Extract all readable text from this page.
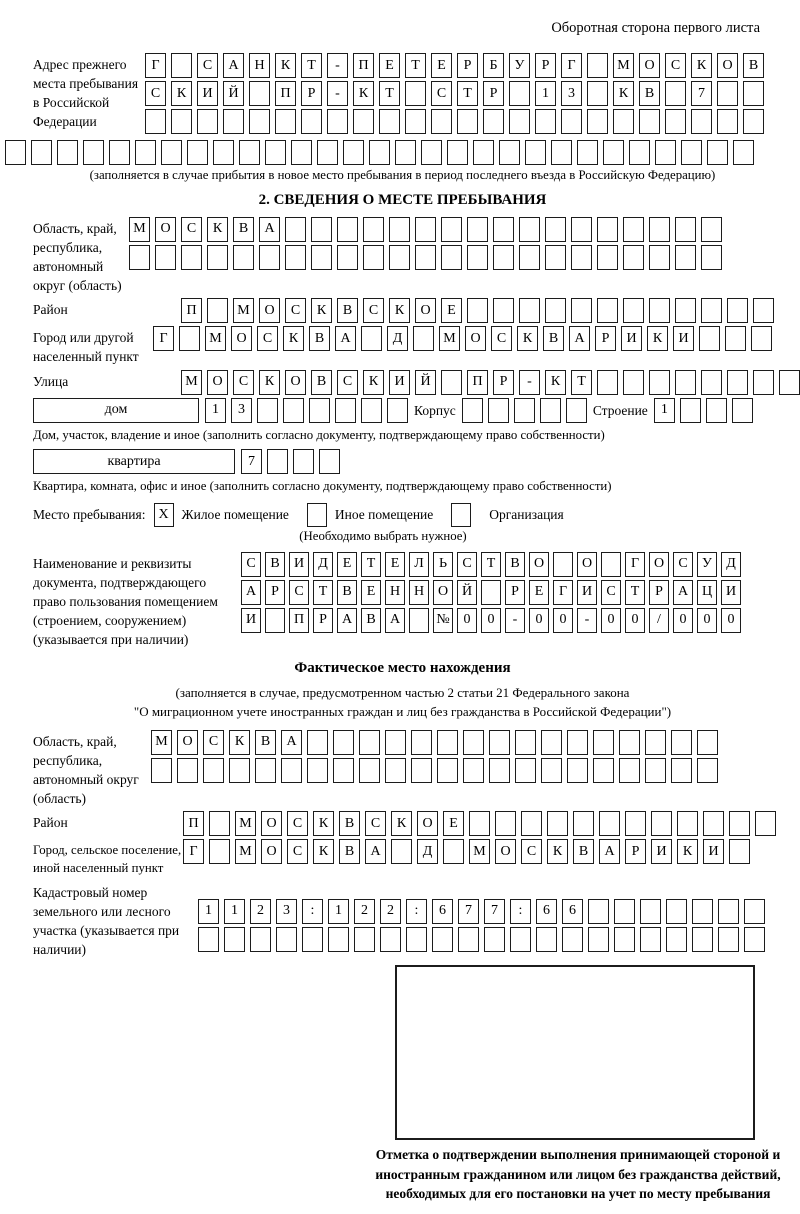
Оборотная сторона первого листа
Адрес прежнего места пребывания в Российской Федерации
Г	С	А	Н	К	Т	-	П	Е	Т	Е	Р	Б	У	Р	Г	М	О	С	К	О	В
С	К	И	Й	П	Р	-	К	Т	С	Т	Р	1	3	К	В	7
(заполняется в случае прибытия в новое место пребывания в период последнего въезда в Российскую Федерацию)
2. СВЕДЕНИЯ О МЕСТЕ ПРЕБЫВАНИЯ
Область, край, республика, автономный округ (область)
М	О	С	К	В	А
Район	П	М	О	С	К	В	С	К	О	Е
Город или другой населенный пункт
Г	М	О	С	К	В	А	Д	М	О	С	К	В	А	Р	И	К	И
Улица	М	О	С	К	О	В	С	К	И	Й	П	Р	-	К	Т
дом	1	3	Корпус	Строение 1
Дом, участок, владение и иное (заполнить согласно документу, подтверждающему право собственности)
квартира	7
Квартира, комната, офис и иное (заполнить согласно документу, подтверждающему право собственности)
Место пребывания: X Жилое помещение	Иное помещение	Организация
(Необходимо выбрать нужное)
Наименование и реквизиты документа, подтверждающего право пользования помещением (строением, сооружением) (указывается при наличии)
С	В	И	Д	Е	Т	Е	Л	Ь	С	Т	В	О	О	Г	О	С	У	Д
А	Р	С	Т	В	Е	Н Н О Й	Р	Е	Г	И	С	Т	Р	А Ц И
И	П	Р	А	В	А	№ 0	0	-	0	0	-	0	0	/	0	0	0
Фактическое место нахождения
(заполняется в случае, предусмотренном частью 2 статьи 21 Федерального закона
"О миграционном учете иностранных граждан и лиц без гражданства в Российской Федерации")
Область, край, республика, автономный округ (область)
М	О	С	К	В	А
Район	П	М	О	С	К	В	С	К	О	Е
Город, сельское поселение, иной населенный пункт
Г	М	О	С	К	В	А	Д	М	О	С	К	В	А	Р	И	К	И
Кадастровый номер земельного или лесного участка (указывается при наличии)
1	1	2	3	:	1	2	2	:	6	7	7	:	6	6
Отметка о подтверждении выполнения принимающей стороной и иностранным гражданином или лицом без гражданства действий, необходимых для его постановки на учет по месту пребывания
